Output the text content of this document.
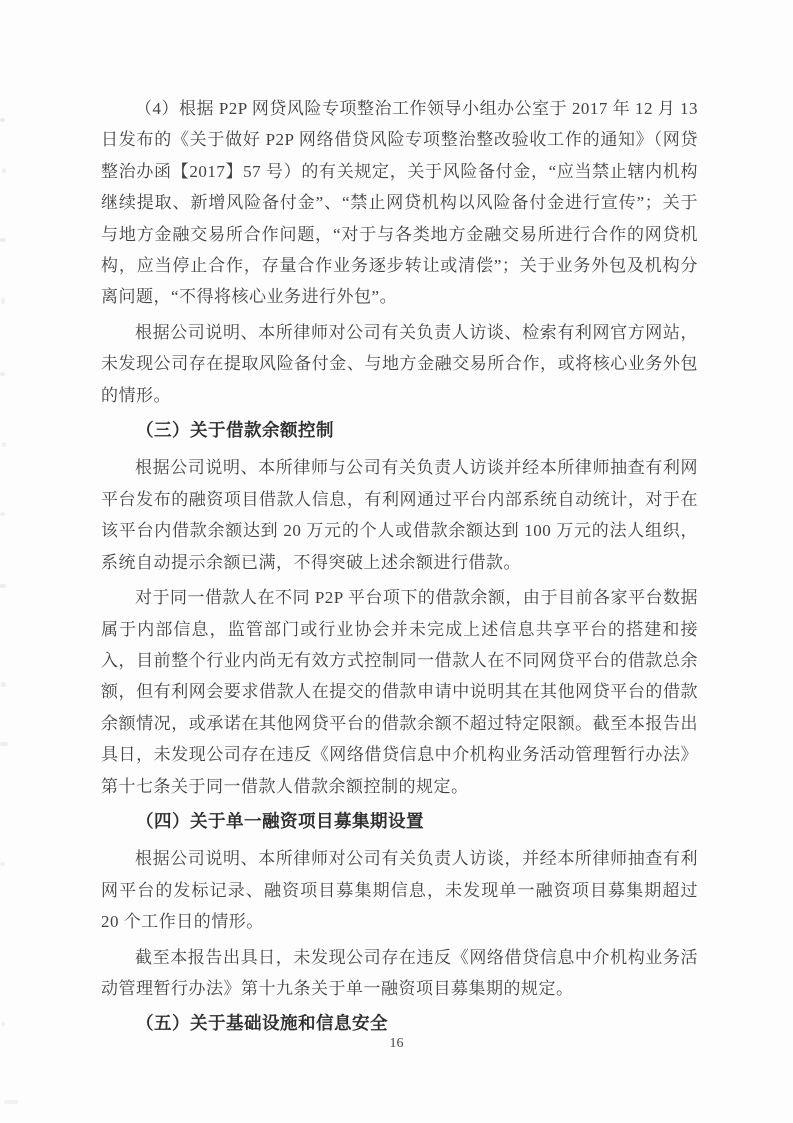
（4）根据 P2P 网贷风险专项整治工作领导小组办公室于 2017 年 12 月 13 日发布的《关于做好 P2P 网络借贷风险专项整治整改验收工作的通知》（网贷整治办函【2017】57 号）的有关规定，关于风险备付金，“应当禁止辖内机构继续提取、新增风险备付金”、“禁止网贷机构以风险备付金进行宣传”；关于与地方金融交易所合作问题，“对于与各类地方金融交易所进行合作的网贷机构，应当停止合作，存量合作业务逐步转让或清偿”；关于业务外包及机构分离问题，“不得将核心业务进行外包”。

根据公司说明、本所律师对公司有关负责人访谈、检索有利网官方网站，未发现公司存在提取风险备付金、与地方金融交易所合作，或将核心业务外包的情形。

（三）关于借款余额控制

根据公司说明、本所律师与公司有关负责人访谈并经本所律师抽查有利网平台发布的融资项目借款人信息，有利网通过平台内部系统自动统计，对于在该平台内借款余额达到 20 万元的个人或借款余额达到 100 万元的法人组织，系统自动提示余额已满，不得突破上述余额进行借款。

对于同一借款人在不同 P2P 平台项下的借款余额，由于目前各家平台数据属于内部信息，监管部门或行业协会并未完成上述信息共享平台的搭建和接入，目前整个行业内尚无有效方式控制同一借款人在不同网贷平台的借款总余额，但有利网会要求借款人在提交的借款申请中说明其在其他网贷平台的借款余额情况，或承诺在其他网贷平台的借款余额不超过特定限额。截至本报告出具日，未发现公司存在违反《网络借贷信息中介机构业务活动管理暂行办法》第十七条关于同一借款人借款余额控制的规定。

（四）关于单一融资项目募集期设置

根据公司说明、本所律师对公司有关负责人访谈，并经本所律师抽查有利网平台的发标记录、融资项目募集期信息，未发现单一融资项目募集期超过 20 个工作日的情形。

截至本报告出具日，未发现公司存在违反《网络借贷信息中介机构业务活动管理暂行办法》第十九条关于单一融资项目募集期的规定。

（五）关于基础设施和信息安全
16
